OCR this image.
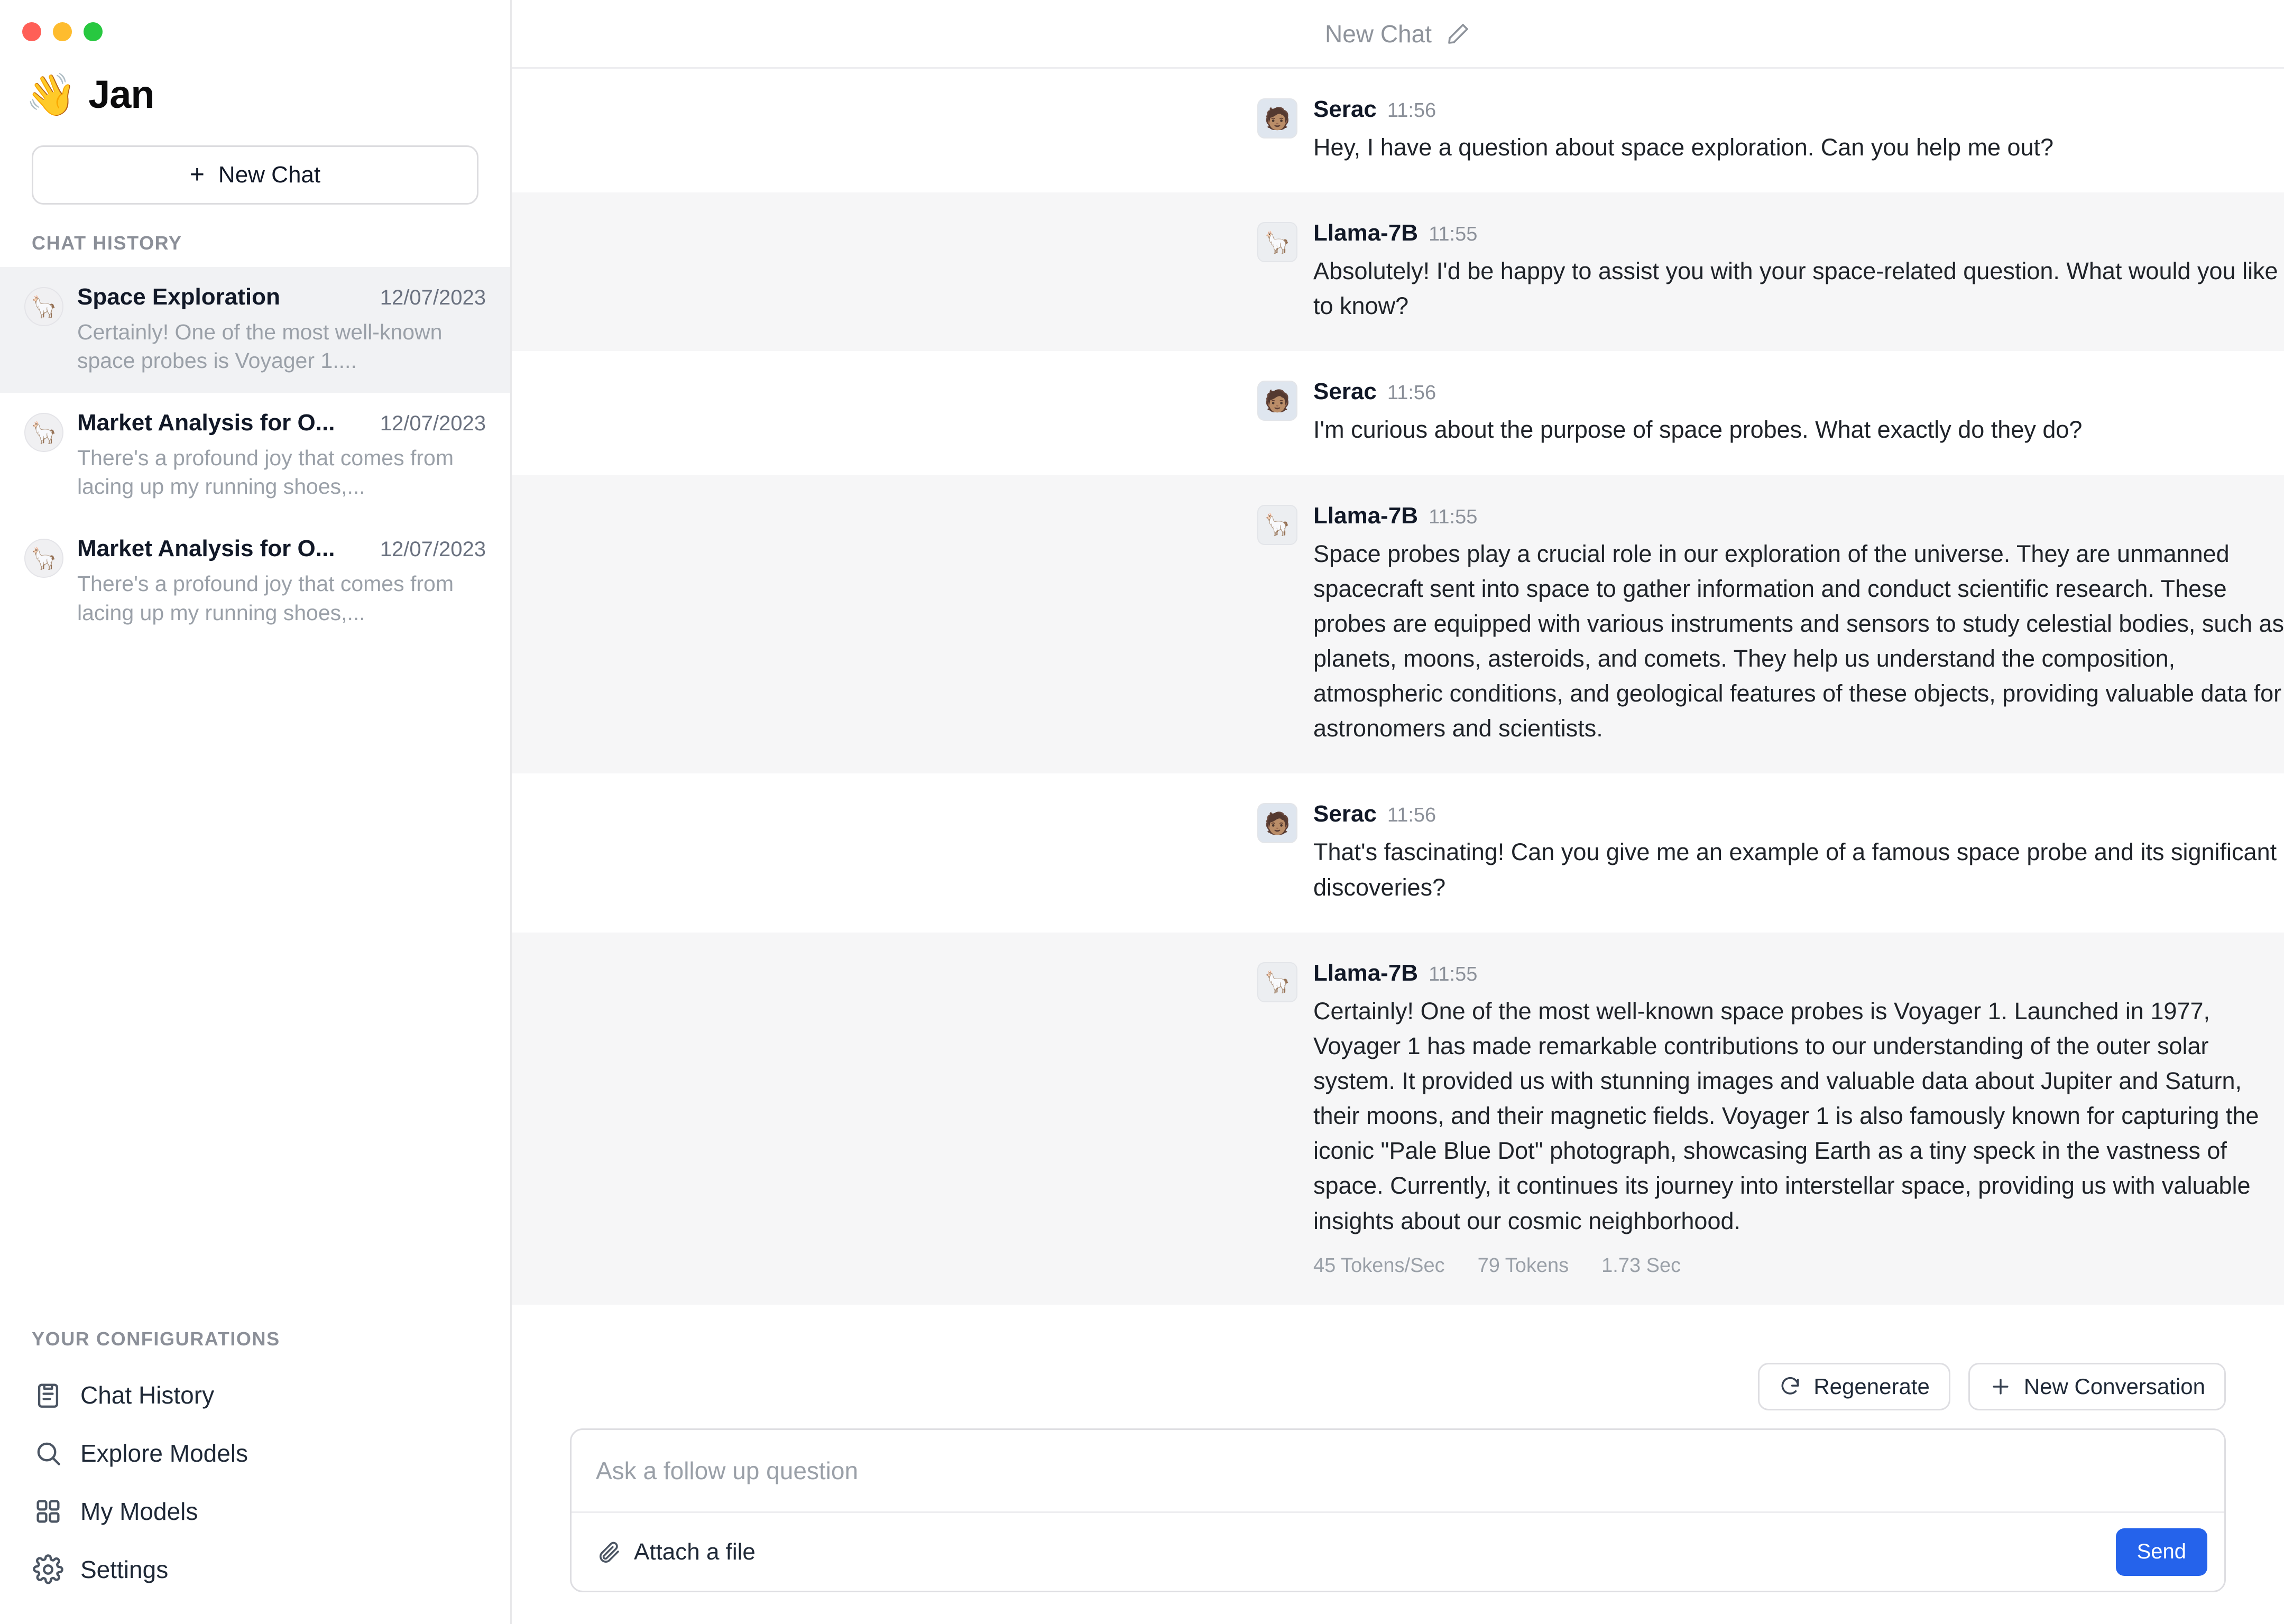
👋 Jan
+ New Chat
CHAT HISTORY
🦙 Space Exploration	12/07/2023
Certainly! One of the most well-known space probes is Voyager 1....
🦙 Market Analysis for O... 12/07/2023
There's a profound joy that comes from lacing up my running shoes,...
🦙 Market Analysis for O... 12/07/2023
There's a profound joy that comes from lacing up my running shoes,...
YOUR CONFIGURATIONS
Chat History
Explore Models
My Models
Settings
New Chat
🧑🏽 Serac 11:56
Hey, I have a question about space exploration. Can you help me out?
🦙 Llama-7B 11:55
Absolutely! I'd be happy to assist you with your space-related question. What would you like to know?
🧑🏽 Serac 11:56
I'm curious about the purpose of space probes. What exactly do they do?
🦙 Llama-7B 11:55
Space probes play a crucial role in our exploration of the universe. They are unmanned spacecraft sent into space to gather information and conduct scientific research. These probes are equipped with various instruments and sensors to study celestial bodies, such as planets, moons, asteroids, and comets. They help us understand the composition, atmospheric conditions, and geological features of these objects, providing valuable data for astronomers and scientists.
🧑🏽 Serac 11:56
That's fascinating! Can you give me an example of a famous space probe and its significant discoveries?
🦙 Llama-7B 11:55
Certainly! One of the most well-known space probes is Voyager 1. Launched in 1977, Voyager 1 has made remarkable contributions to our understanding of the outer solar system. It provided us with stunning images and valuable data about Jupiter and Saturn, their moons, and their magnetic fields. Voyager 1 is also famously known for capturing the iconic "Pale Blue Dot" photograph, showcasing Earth as a tiny speck in the vastness of space. Currently, it continues its journey into interstellar space, providing us with valuable insights about our cosmic neighborhood.
45 Tokens/Sec 79 Tokens 1.73 Sec
Regenerate	New Conversation
Ask a follow up question
Attach a file	Send
